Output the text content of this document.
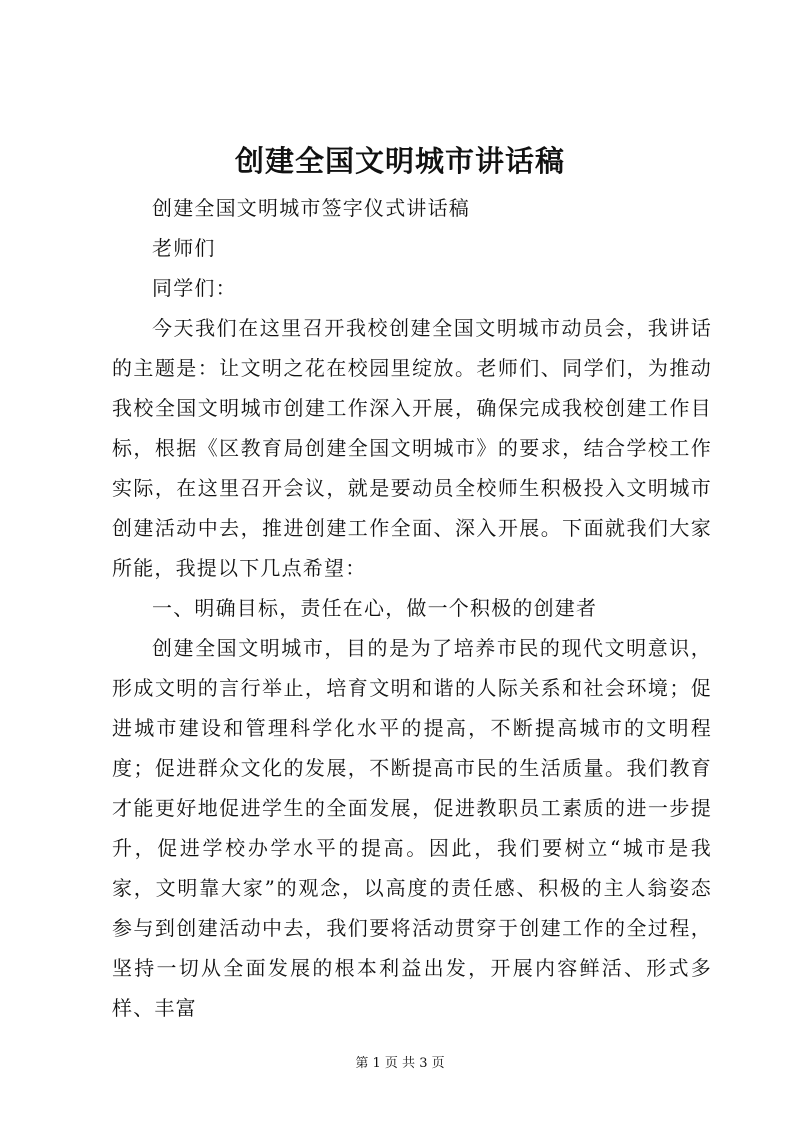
创建全国文明城市讲话稿

创建全国文明城市签字仪式讲话稿

老师们

同学们：

今天我们在这里召开我校创建全国文明城市动员会，我讲话的主题是：让文明之花在校园里绽放。老师们、同学们，为推动我校全国文明城市创建工作深入开展，确保完成我校创建工作目标，根据《区教育局创建全国文明城市》的要求，结合学校工作实际，在这里召开会议，就是要动员全校师生积极投入文明城市创建活动中去，推进创建工作全面、深入开展。下面就我们大家所能，我提以下几点希望：

一、明确目标，责任在心，做一个积极的创建者

创建全国文明城市，目的是为了培养市民的现代文明意识，形成文明的言行举止，培育文明和谐的人际关系和社会环境；促进城市建设和管理科学化水平的提高，不断提高城市的文明程度；促进群众文化的发展，不断提高市民的生活质量。我们教育才能更好地促进学生的全面发展，促进教职员工素质的进一步提升，促进学校办学水平的提高。因此，我们要树立“城市是我家，文明靠大家”的观念，以高度的责任感、积极的主人翁姿态参与到创建活动中去，我们要将活动贯穿于创建工作的全过程，坚持一切从全面发展的根本利益出发，开展内容鲜活、形式多样、丰富

第 1 页 共 3 页
